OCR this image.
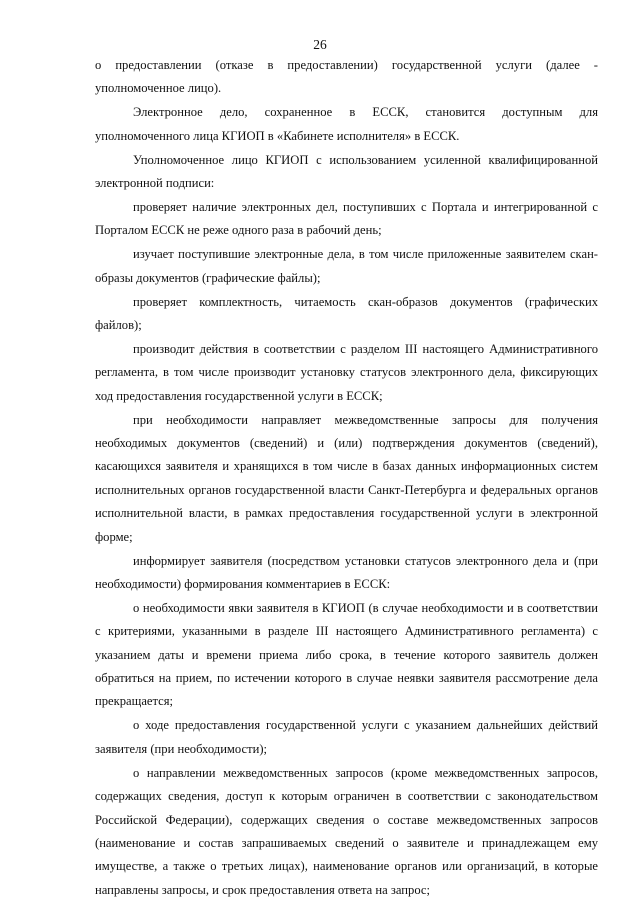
26

о предоставлении (отказе в предоставлении) государственной услуги (далее - уполномоченное лицо).

Электронное дело, сохраненное в ЕССК, становится доступным для уполномоченного лица КГИОП в «Кабинете исполнителя» в ЕССК.

Уполномоченное лицо КГИОП с использованием усиленной квалифицированной электронной подписи:

проверяет наличие электронных дел, поступивших с Портала и интегрированной с Порталом ЕССК не реже одного раза в рабочий день;

изучает поступившие электронные дела, в том числе приложенные заявителем скан-образы документов (графические файлы);

проверяет комплектность, читаемость скан-образов документов (графических файлов);

производит действия в соответствии с разделом III настоящего Административного регламента, в том числе производит установку статусов электронного дела, фиксирующих ход предоставления государственной услуги в ЕССК;

при необходимости направляет межведомственные запросы для получения необходимых документов (сведений) и (или) подтверждения документов (сведений), касающихся заявителя и хранящихся в том числе в базах данных информационных систем исполнительных органов государственной власти Санкт-Петербурга и федеральных органов исполнительной власти, в рамках предоставления государственной услуги в электронной форме;

информирует заявителя (посредством установки статусов электронного дела и (при необходимости) формирования комментариев в ЕССК:

о необходимости явки заявителя в КГИОП (в случае необходимости и в соответствии с критериями, указанными в разделе III настоящего Административного регламента) с указанием даты и времени приема либо срока, в течение которого заявитель должен обратиться на прием, по истечении которого в случае неявки заявителя рассмотрение дела прекращается;

о ходе предоставления государственной услуги с указанием дальнейших действий заявителя (при необходимости);

о направлении межведомственных запросов (кроме межведомственных запросов, содержащих сведения, доступ к которым ограничен в соответствии с законодательством Российской Федерации), содержащих сведения о составе межведомственных запросов (наименование и состав запрашиваемых сведений о заявителе и принадлежащем ему имуществе, а также о третьих лицах), наименование органов или организаций, в которые направлены запросы, и срок предоставления ответа на запрос;
